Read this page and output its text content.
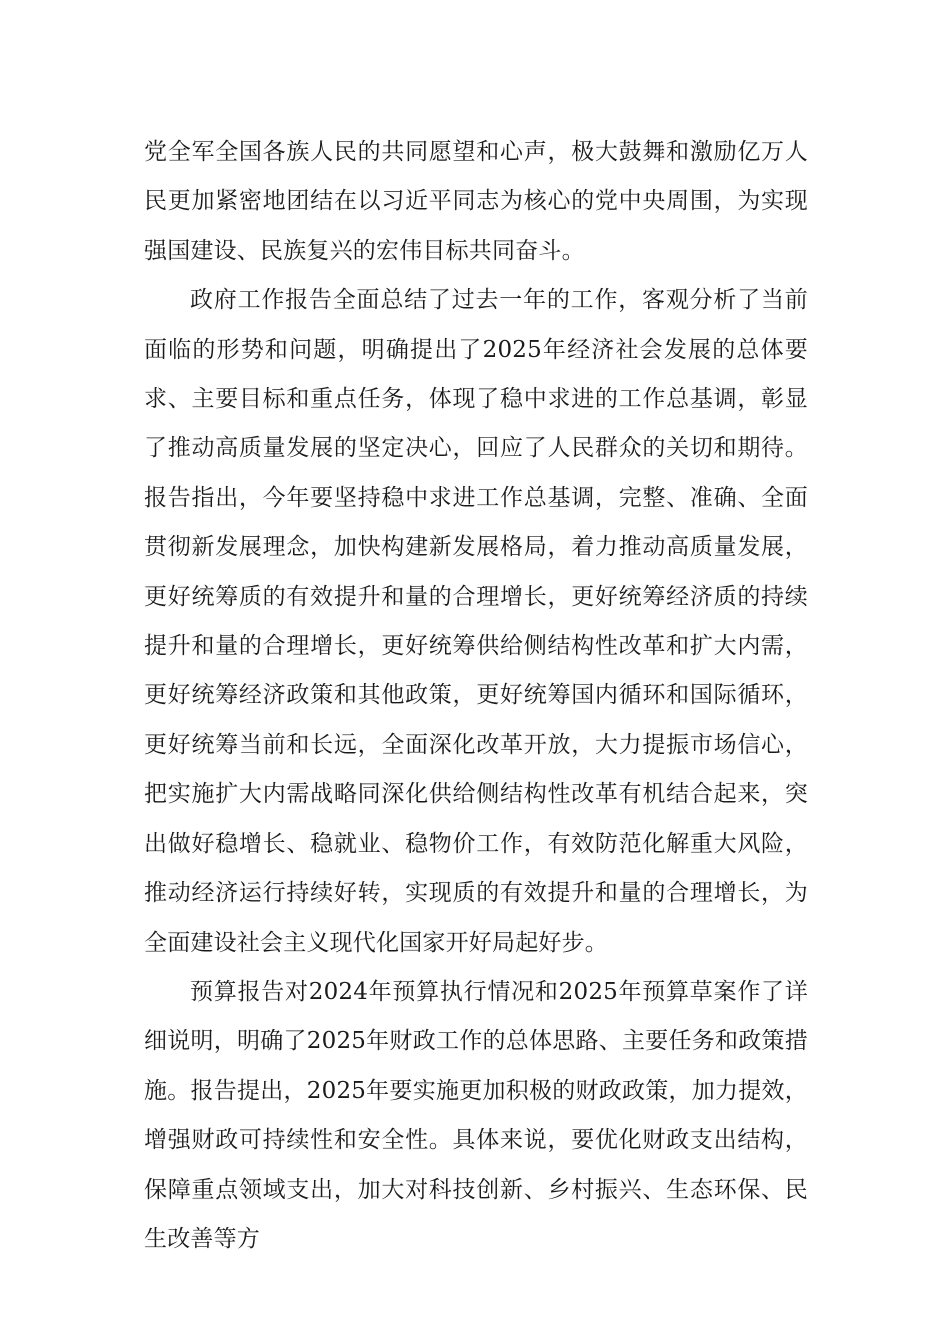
党全军全国各族人民的共同愿望和心声，极大鼓舞和激励亿万人民更加紧密地团结在以习近平同志为核心的党中央周围，为实现强国建设、民族复兴的宏伟目标共同奋斗。

政府工作报告全面总结了过去一年的工作，客观分析了当前面临的形势和问题，明确提出了2025年经济社会发展的总体要求、主要目标和重点任务，体现了稳中求进的工作总基调，彰显了推动高质量发展的坚定决心，回应了人民群众的关切和期待。报告指出，今年要坚持稳中求进工作总基调，完整、准确、全面贯彻新发展理念，加快构建新发展格局，着力推动高质量发展，更好统筹质的有效提升和量的合理增长，更好统筹经济质的持续提升和量的合理增长，更好统筹供给侧结构性改革和扩大内需，更好统筹经济政策和其他政策，更好统筹国内循环和国际循环，更好统筹当前和长远，全面深化改革开放，大力提振市场信心，把实施扩大内需战略同深化供给侧结构性改革有机结合起来，突出做好稳增长、稳就业、稳物价工作，有效防范化解重大风险，推动经济运行持续好转，实现质的有效提升和量的合理增长，为全面建设社会主义现代化国家开好局起好步。

预算报告对2024年预算执行情况和2025年预算草案作了详细说明，明确了2025年财政工作的总体思路、主要任务和政策措施。报告提出，2025年要实施更加积极的财政政策，加力提效，增强财政可持续性和安全性。具体来说，要优化财政支出结构，保障重点领域支出，加大对科技创新、乡村振兴、生态环保、民生改善等方
